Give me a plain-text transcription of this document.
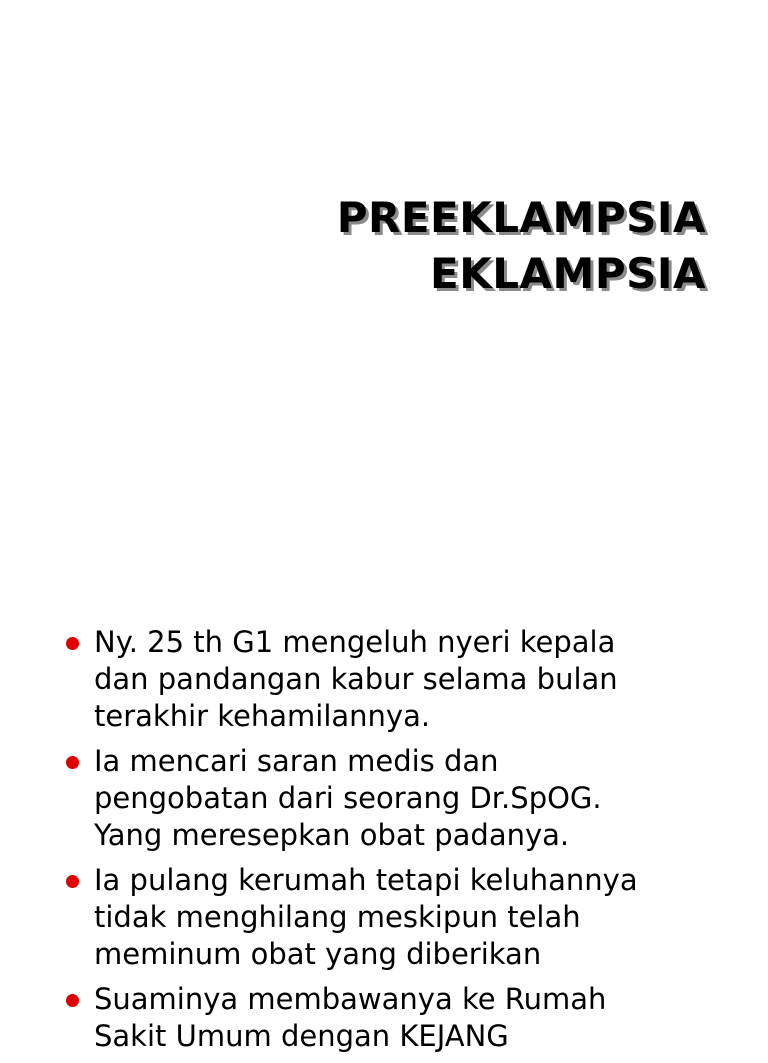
PREEKLAMPSIA
EKLAMPSIA
Ny. 25 th G1 mengeluh nyeri kepala
dan pandangan kabur selama bulan
terakhir kehamilannya.
Ia mencari saran medis dan
pengobatan dari seorang Dr.SpOG.
Yang meresepkan obat padanya.
Ia pulang kerumah tetapi keluhannya
tidak menghilang meskipun telah
meminum obat yang diberikan
Suaminya membawanya ke Rumah
Sakit Umum dengan KEJANG
